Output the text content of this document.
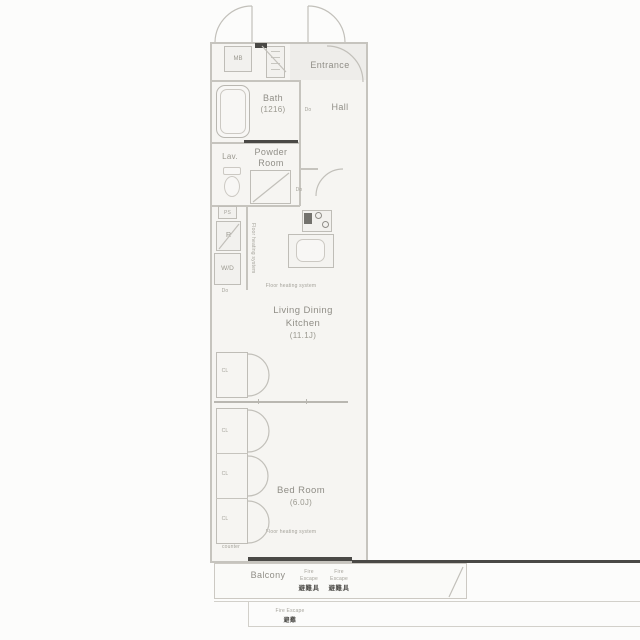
Entrance
MB
Bath
(1216)	Hall
Do
Powder
Room
Lav.
Do
PS
R
W/D
Do
Floor heating system
Floor heating system
Living Dining
Kitchen
(11.1J)
CL
CL
CL
CL
Bed Room
(6.0J)
Floor heating system
counter
Balcony	Fire
Escape
避難具
Fire
Escape
避難具
Fire Escape
避難
